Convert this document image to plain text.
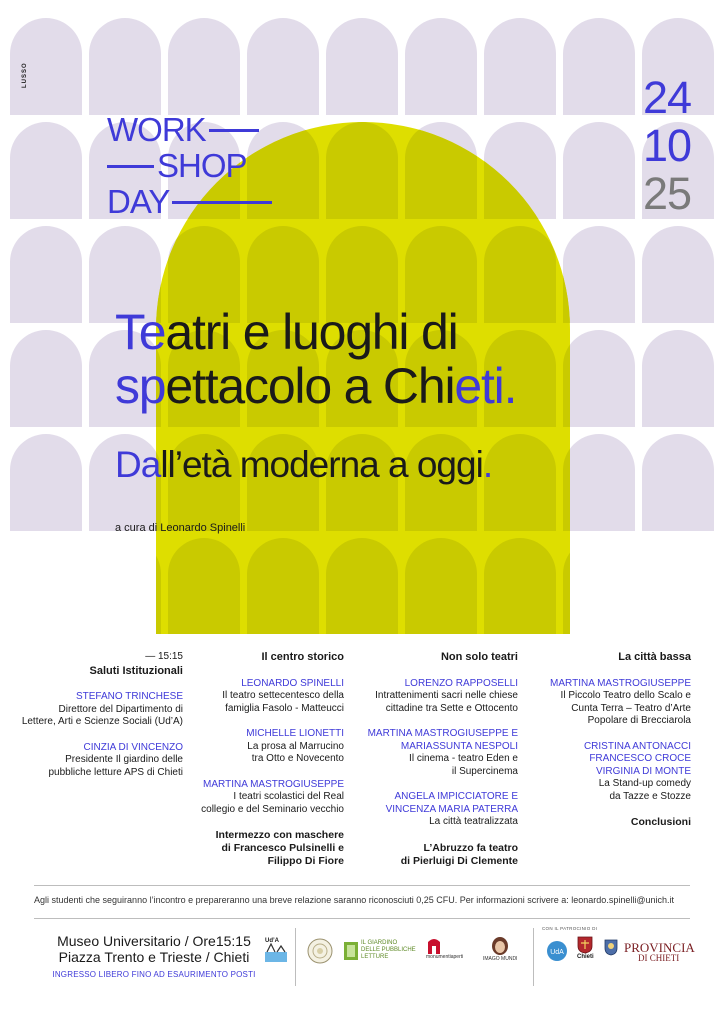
LUSSO
WORK
SHOP
DAY
24
10
25
Teatri e luoghi di
spettacolo a Chieti.
Dall’età moderna a oggi.
a cura di Leonardo Spinelli
— 15:15
Saluti Istituzionali
STEFANO TRINCHESE
Direttore del Dipartimento di
Lettere, Arti e Scienze Sociali (Ud’A)
CINZIA DI VINCENZO
Presidente Il giardino delle
pubbliche letture APS di Chieti
Il centro storico
LEONARDO SPINELLI
Il teatro settecentesco della
famiglia Fasolo - Matteucci
MICHELLE LIONETTI
La prosa al Marrucino
tra Otto e Novecento
MARTINA MASTROGIUSEPPE
I teatri scolastici del Real
collegio e del Seminario vecchio
Intermezzo con maschere
di Francesco Pulsinelli e
Filippo Di Fiore
Non solo teatri
LORENZO RAPPOSELLI
Intrattenimenti sacri nelle chiese
cittadine tra Sette e Ottocento
MARTINA MASTROGIUSEPPE E
MARIASSUNTA NESPOLI
Il cinema - teatro Eden e
il Supercinema
ANGELA IMPICCIATORE E
VINCENZA MARIA PATERRA
La città teatralizzata
L’Abruzzo fa teatro
di Pierluigi Di Clemente
La città bassa
MARTINA MASTROGIUSEPPE
Il Piccolo Teatro dello Scalo e
Cunta Terra – Teatro d’Arte
Popolare di Brecciarola
CRISTINA ANTONACCI
FRANCESCO CROCE
VIRGINIA DI MONTE
La Stand-up comedy
da Tazze e Stozze
Conclusioni
Agli studenti che seguiranno l’incontro e prepareranno una breve relazione saranno riconosciuti 0,25 CFU. Per informazioni scrivere a: leonardo.spinelli@unich.it
Museo Universitario / Ore15:15
Piazza Trento e Trieste / Chieti
INGRESSO LIBERO FINO AD ESAURIMENTO POSTI
Ud’A	IL GIARDINO
DELLE PUBBLICHE
LETTURE	monumentiaperti	IMAGO MUNDI
CON IL PATROCINIO DI
UdA
Chieti
PROVINCIA
DI CHIETI
